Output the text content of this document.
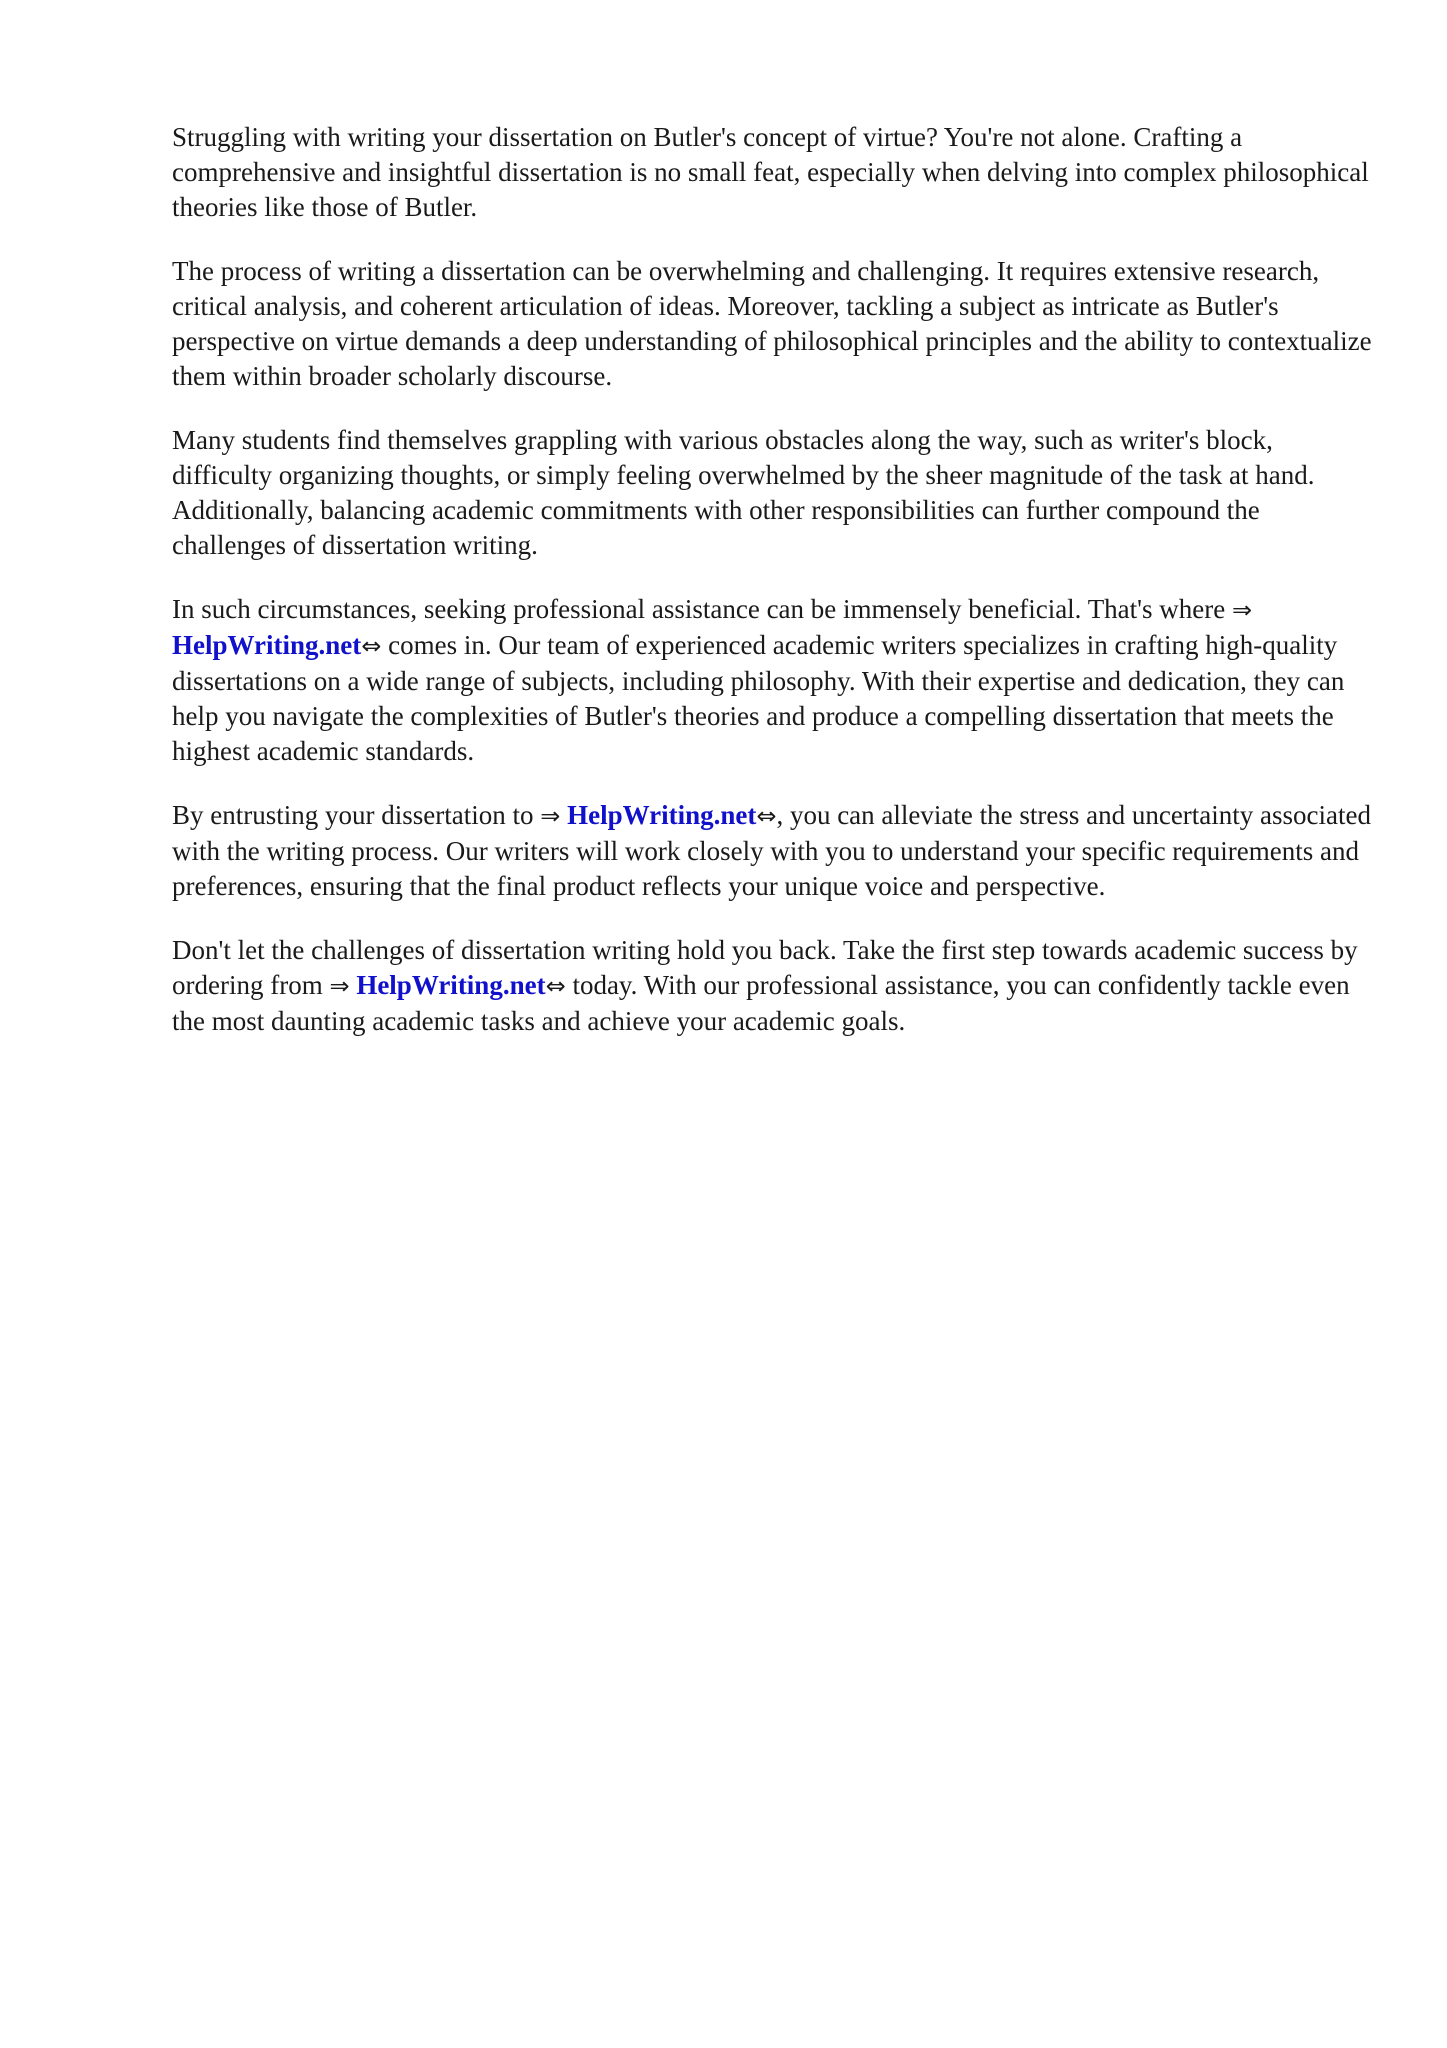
Struggling with writing your dissertation on Butler's concept of virtue? You're not alone. Crafting a comprehensive and insightful dissertation is no small feat, especially when delving into complex philosophical theories like those of Butler.

The process of writing a dissertation can be overwhelming and challenging. It requires extensive research, critical analysis, and coherent articulation of ideas. Moreover, tackling a subject as intricate as Butler's perspective on virtue demands a deep understanding of philosophical principles and the ability to contextualize them within broader scholarly discourse.

Many students find themselves grappling with various obstacles along the way, such as writer's block, difficulty organizing thoughts, or simply feeling overwhelmed by the sheer magnitude of the task at hand. Additionally, balancing academic commitments with other responsibilities can further compound the challenges of dissertation writing.

In such circumstances, seeking professional assistance can be immensely beneficial. That's where ⇒ HelpWriting.net⇔ comes in. Our team of experienced academic writers specializes in crafting high-quality dissertations on a wide range of subjects, including philosophy. With their expertise and dedication, they can help you navigate the complexities of Butler's theories and produce a compelling dissertation that meets the highest academic standards.

By entrusting your dissertation to ⇒ HelpWriting.net⇔, you can alleviate the stress and uncertainty associated with the writing process. Our writers will work closely with you to understand your specific requirements and preferences, ensuring that the final product reflects your unique voice and perspective.

Don't let the challenges of dissertation writing hold you back. Take the first step towards academic success by ordering from ⇒ HelpWriting.net⇔ today. With our professional assistance, you can confidently tackle even the most daunting academic tasks and achieve your academic goals.
